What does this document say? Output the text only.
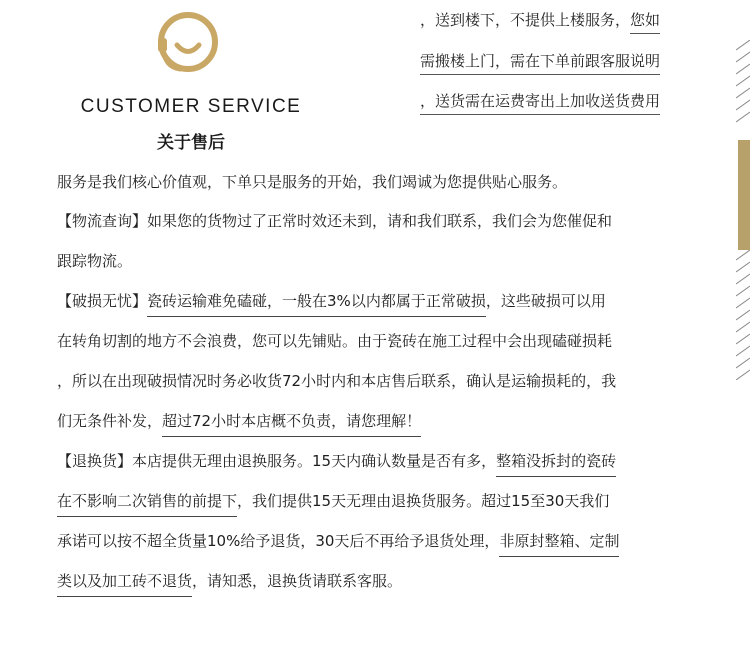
CUSTOMER SERVICE
关于售后
，送到楼下，不提供上楼服务，您如
需搬楼上门，需在下单前跟客服说明
，送货需在运费寄出上加收送货费用
服务是我们核心价值观，下单只是服务的开始，我们竭诚为您提供贴心服务。
【物流查询】如果您的货物过了正常时效还未到，请和我们联系，我们会为您催促和
跟踪物流。
【破损无忧】瓷砖运输难免磕碰，一般在3%以内都属于正常破损，这些破损可以用
在转角切割的地方不会浪费，您可以先铺贴。由于瓷砖在施工过程中会出现磕碰损耗
，所以在出现破损情况时务必收货72小时内和本店售后联系，确认是运输损耗的，我
们无条件补发，超过72小时本店概不负责，请您理解！
【退换货】本店提供无理由退换服务。15天内确认数量是否有多，整箱没拆封的瓷砖
在不影响二次销售的前提下，我们提供15天无理由退换货服务。超过15至30天我们
承诺可以按不超全货量10%给予退货，30天后不再给予退货处理，非原封整箱、定制
类以及加工砖不退货，请知悉，退换货请联系客服。
